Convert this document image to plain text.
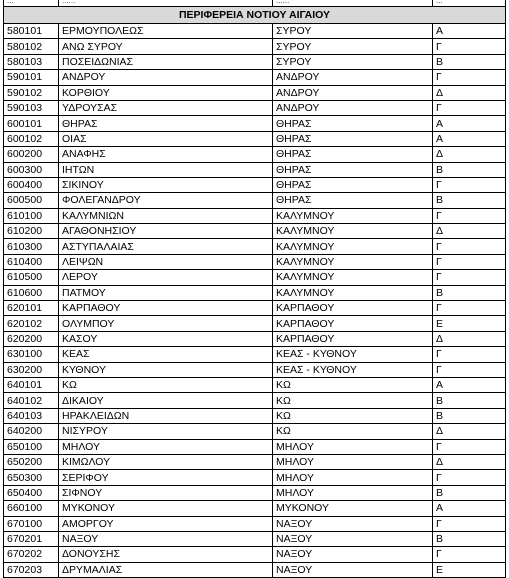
...	......	......	...
ΠΕΡΙΦΕΡΕΙΑ ΝΟΤΙΟΥ ΑΙΓΑΙΟΥ			
580101	ΕΡΜΟΥΠΟΛΕΩΣ	ΣΥΡΟΥ	Α
580102	ΑΝΩ ΣΥΡΟΥ	ΣΥΡΟΥ	Γ
580103	ΠΟΣΕΙΔΩΝΙΑΣ	ΣΥΡΟΥ	Β
590101	ΑΝΔΡΟΥ	ΑΝΔΡΟΥ	Γ
590102	ΚΟΡΘΙΟΥ	ΑΝΔΡΟΥ	Δ
590103	ΥΔΡΟΥΣΑΣ	ΑΝΔΡΟΥ	Γ
600101	ΘΗΡΑΣ	ΘΗΡΑΣ	Α
600102	ΟΙΑΣ	ΘΗΡΑΣ	Α
600200	ΑΝΑΦΗΣ	ΘΗΡΑΣ	Δ
600300	ΙΗΤΩΝ	ΘΗΡΑΣ	Β
600400	ΣΙΚΙΝΟΥ	ΘΗΡΑΣ	Γ
600500	ΦΟΛΕΓΑΝΔΡΟΥ	ΘΗΡΑΣ	Β
610100	ΚΑΛΥΜΝΙΩΝ	ΚΑΛΥΜΝΟΥ	Γ
610200	ΑΓΑΘΟΝΗΣΙΟΥ	ΚΑΛΥΜΝΟΥ	Δ
610300	ΑΣΤΥΠΑΛΑΙΑΣ	ΚΑΛΥΜΝΟΥ	Γ
610400	ΛΕΙΨΩΝ	ΚΑΛΥΜΝΟΥ	Γ
610500	ΛΕΡΟΥ	ΚΑΛΥΜΝΟΥ	Γ
610600	ΠΑΤΜΟΥ	ΚΑΛΥΜΝΟΥ	Β
620101	ΚΑΡΠΑΘΟΥ	ΚΑΡΠΑΘΟΥ	Γ
620102	ΟΛΥΜΠΟΥ	ΚΑΡΠΑΘΟΥ	Ε
620200	ΚΑΣΟΥ	ΚΑΡΠΑΘΟΥ	Δ
630100	ΚΕΑΣ	ΚΕΑΣ - ΚΥΘΝΟΥ	Γ
630200	ΚΥΘΝΟΥ	ΚΕΑΣ - ΚΥΘΝΟΥ	Γ
640101	ΚΩ	ΚΩ	Α
640102	ΔΙΚΑΙΟΥ	ΚΩ	Β
640103	ΗΡΑΚΛΕΙΔΩΝ	ΚΩ	Β
640200	ΝΙΣΥΡΟΥ	ΚΩ	Δ
650100	ΜΗΛΟΥ	ΜΗΛΟΥ	Γ
650200	ΚΙΜΩΛΟΥ	ΜΗΛΟΥ	Δ
650300	ΣΕΡΙΦΟΥ	ΜΗΛΟΥ	Γ
650400	ΣΙΦΝΟΥ	ΜΗΛΟΥ	Β
660100	ΜΥΚΟΝΟΥ	ΜΥΚΟΝΟΥ	Α
670100	ΑΜΟΡΓΟΥ	ΝΑΞΟΥ	Γ
670201	ΝΑΞΟΥ	ΝΑΞΟΥ	Β
670202	ΔΟΝΟΥΣΗΣ	ΝΑΞΟΥ	Γ
670203	ΔΡΥΜΑΛΙΑΣ	ΝΑΞΟΥ	Ε
